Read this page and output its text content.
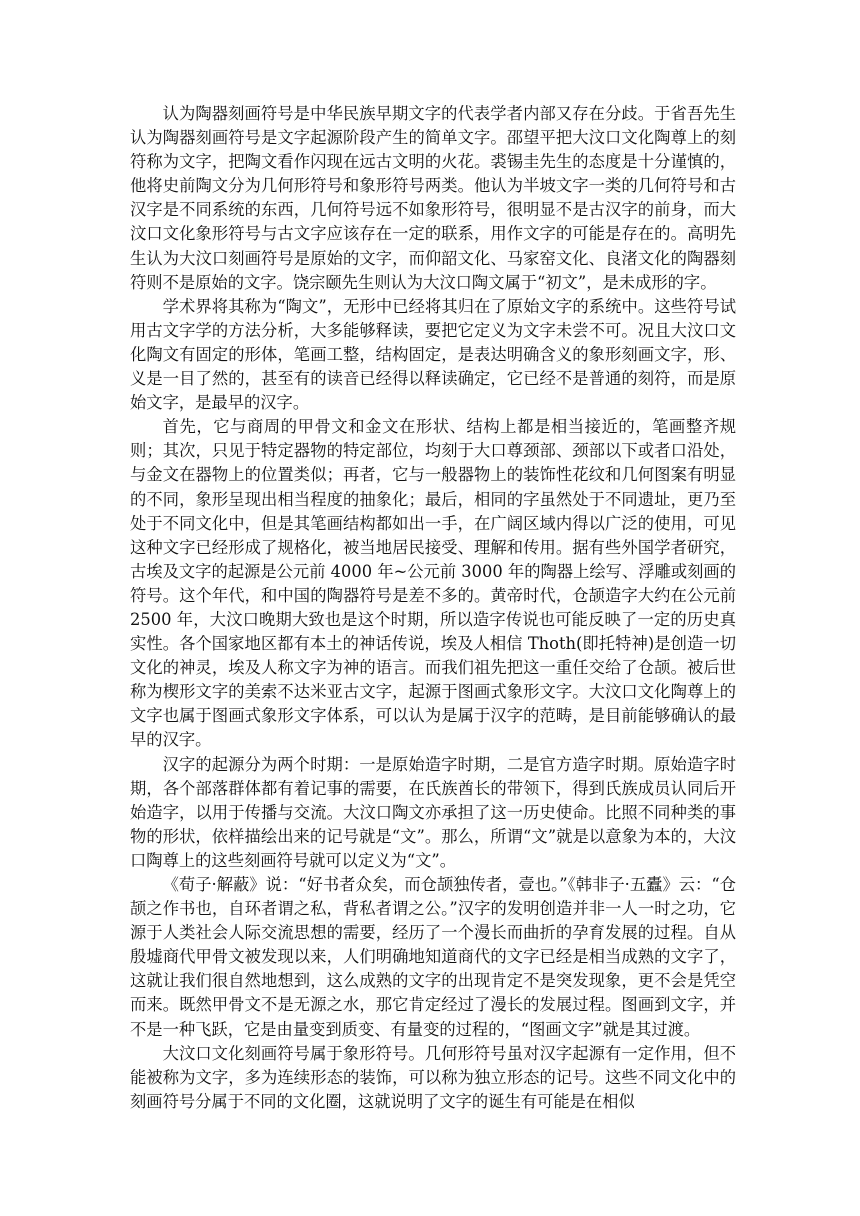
认为陶器刻画符号是中华民族早期文字的代表学者内部又存在分歧。于省吾先生认为陶器刻画符号是文字起源阶段产生的简单文字。邵望平把大汶口文化陶尊上的刻符称为文字，把陶文看作闪现在远古文明的火花。裘锡圭先生的态度是十分谨慎的，他将史前陶文分为几何形符号和象形符号两类。他认为半坡文字一类的几何符号和古汉字是不同系统的东西，几何符号远不如象形符号，很明显不是古汉字的前身，而大汶口文化象形符号与古文字应该存在一定的联系，用作文字的可能是存在的。高明先生认为大汶口刻画符号是原始的文字，而仰韶文化、马家窑文化、良渚文化的陶器刻符则不是原始的文字。饶宗颐先生则认为大汶口陶文属于“初文”，是未成形的字。

学术界将其称为“陶文”，无形中已经将其归在了原始文字的系统中。这些符号试用古文字学的方法分析，大多能够释读，要把它定义为文字未尝不可。况且大汶口文化陶文有固定的形体，笔画工整，结构固定，是表达明确含义的象形刻画文字，形、义是一目了然的，甚至有的读音已经得以释读确定，它已经不是普通的刻符，而是原始文字，是最早的汉字。

首先，它与商周的甲骨文和金文在形状、结构上都是相当接近的，笔画整齐规则；其次，只见于特定器物的特定部位，均刻于大口尊颈部、颈部以下或者口沿处，与金文在器物上的位置类似；再者，它与一般器物上的装饰性花纹和几何图案有明显的不同，象形呈现出相当程度的抽象化；最后，相同的字虽然处于不同遗址，更乃至处于不同文化中，但是其笔画结构都如出一手，在广阔区域内得以广泛的使用，可见这种文字已经形成了规格化，被当地居民接受、理解和传用。据有些外国学者研究，古埃及文字的起源是公元前 4000 年~公元前 3000 年的陶器上绘写、浮雕或刻画的符号。这个年代，和中国的陶器符号是差不多的。黄帝时代，仓颉造字大约在公元前 2500 年，大汶口晚期大致也是这个时期，所以造字传说也可能反映了一定的历史真实性。各个国家地区都有本土的神话传说，埃及人相信 Thoth(即托特神)是创造一切文化的神灵，埃及人称文字为神的语言。而我们祖先把这一重任交给了仓颉。被后世称为楔形文字的美索不达米亚古文字，起源于图画式象形文字。大汶口文化陶尊上的文字也属于图画式象形文字体系，可以认为是属于汉字的范畴，是目前能够确认的最早的汉字。

汉字的起源分为两个时期：一是原始造字时期，二是官方造字时期。原始造字时期，各个部落群体都有着记事的需要，在氏族酋长的带领下，得到氏族成员认同后开始造字，以用于传播与交流。大汶口陶文亦承担了这一历史使命。比照不同种类的事物的形状，依样描绘出来的记号就是“文”。那么，所谓“文”就是以意象为本的，大汶口陶尊上的这些刻画符号就可以定义为“文”。

《荀子·解蔽》说：“好书者众矣，而仓颉独传者，壹也。”《韩非子·五蠹》云：“仓颉之作书也，自环者谓之私，背私者谓之公。”汉字的发明创造并非一人一时之功，它源于人类社会人际交流思想的需要，经历了一个漫长而曲折的孕育发展的过程。自从殷墟商代甲骨文被发现以来，人们明确地知道商代的文字已经是相当成熟的文字了，这就让我们很自然地想到，这么成熟的文字的出现肯定不是突发现象，更不会是凭空而来。既然甲骨文不是无源之水，那它肯定经过了漫长的发展过程。图画到文字，并不是一种飞跃，它是由量变到质变、有量变的过程的，“图画文字”就是其过渡。

大汶口文化刻画符号属于象形符号。几何形符号虽对汉字起源有一定作用，但不能被称为文字，多为连续形态的装饰，可以称为独立形态的记号。这些不同文化中的刻画符号分属于不同的文化圈，这就说明了文字的诞生有可能是在相似
